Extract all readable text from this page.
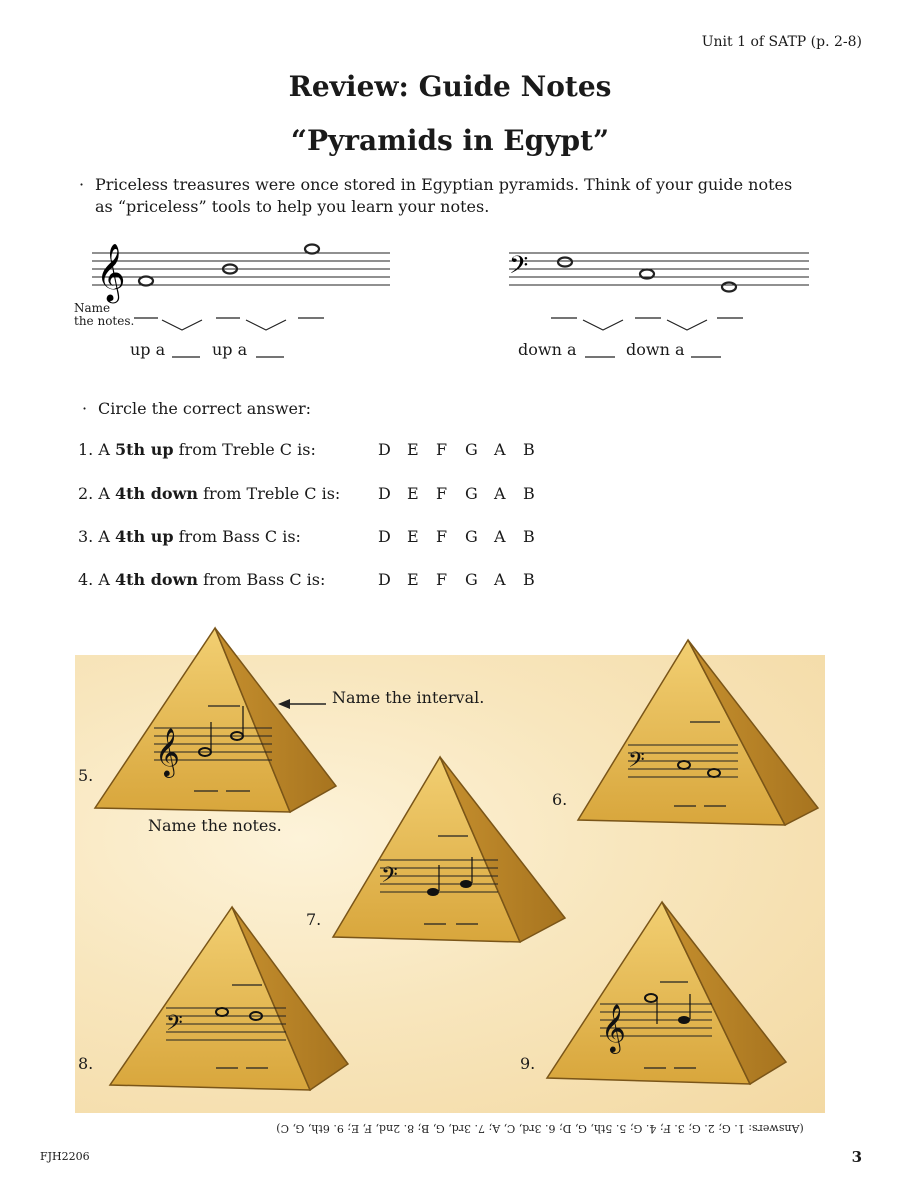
Unit 1 of SATP (p. 2-8)
Review: Guide Notes
“Pyramids in Egypt”
· Priceless treasures were once stored in Egyptian pyramids. Think of your guide notes
as “priceless” tools to help you learn your notes.
𝄞
Name
the notes.
up a	up a
𝄢
down a	down a
· Circle the correct answer:
1. A 5th up from Treble C is:
2. A 4th down from Treble C is:
3. A 4th up from Bass C is:
4. A 4th down from Bass C is:
D E F G A B
D E F G A B
D E F G A B
D E F G A B
𝄞	𝄢
𝄢
𝄢	𝄞
Name the interval.
Name the notes.
5.
6.
7.
8.	9.
(Answers: 1. G; 2. G; 3. F; 4. G; 5. 5th, G, D; 6. 3rd, C, A; 7. 3rd, G, B; 8. 2nd, F, E; 9. 6th, G, C)
FJH2206	3
